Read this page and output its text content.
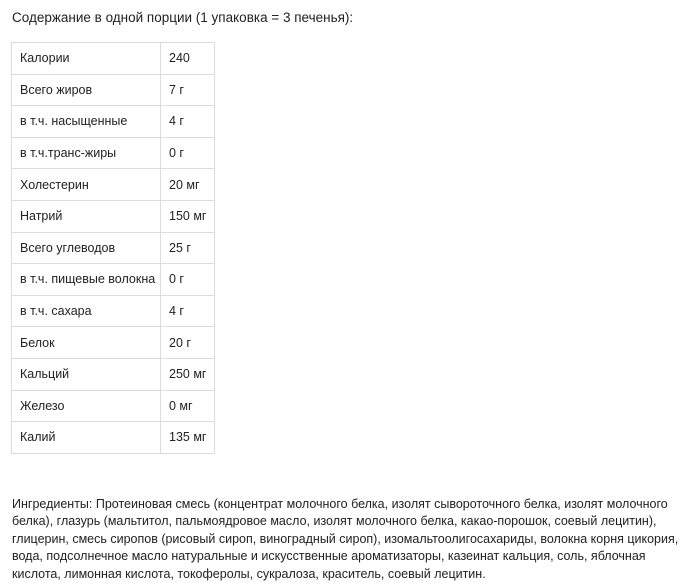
Содержание в одной порции (1 упаковка = 3 печенья):
Калории	240
Всего жиров	7 г
в т.ч. насыщенные	4 г
в т.ч.транс-жиры	0 г
Холестерин	20 мг
Натрий	150 мг
Всего углеводов	25 г
в т.ч. пищевые волокна	0 г
в т.ч. сахара	4 г
Белок	20 г
Кальций	250 мг
Железо	0 мг
Калий	135 мг

Ингредиенты: Протеиновая смесь (концентрат молочного белка, изолят сывороточного белка, изолят молочного белка), глазурь (мальтитол, пальмоядровое масло, изолят молочного белка, какао-порошок, соевый лецитин), глицерин, смесь сиропов (рисовый сироп, виноградный сироп), изомальтоолигосахариды, волокна корня цикория, вода, подсолнечное масло натуральные и искусственные ароматизаторы, казеинат кальция, соль, яблочная кислота, лимонная кислота, токоферолы, сукралоза, краситель, соевый лецитин.
